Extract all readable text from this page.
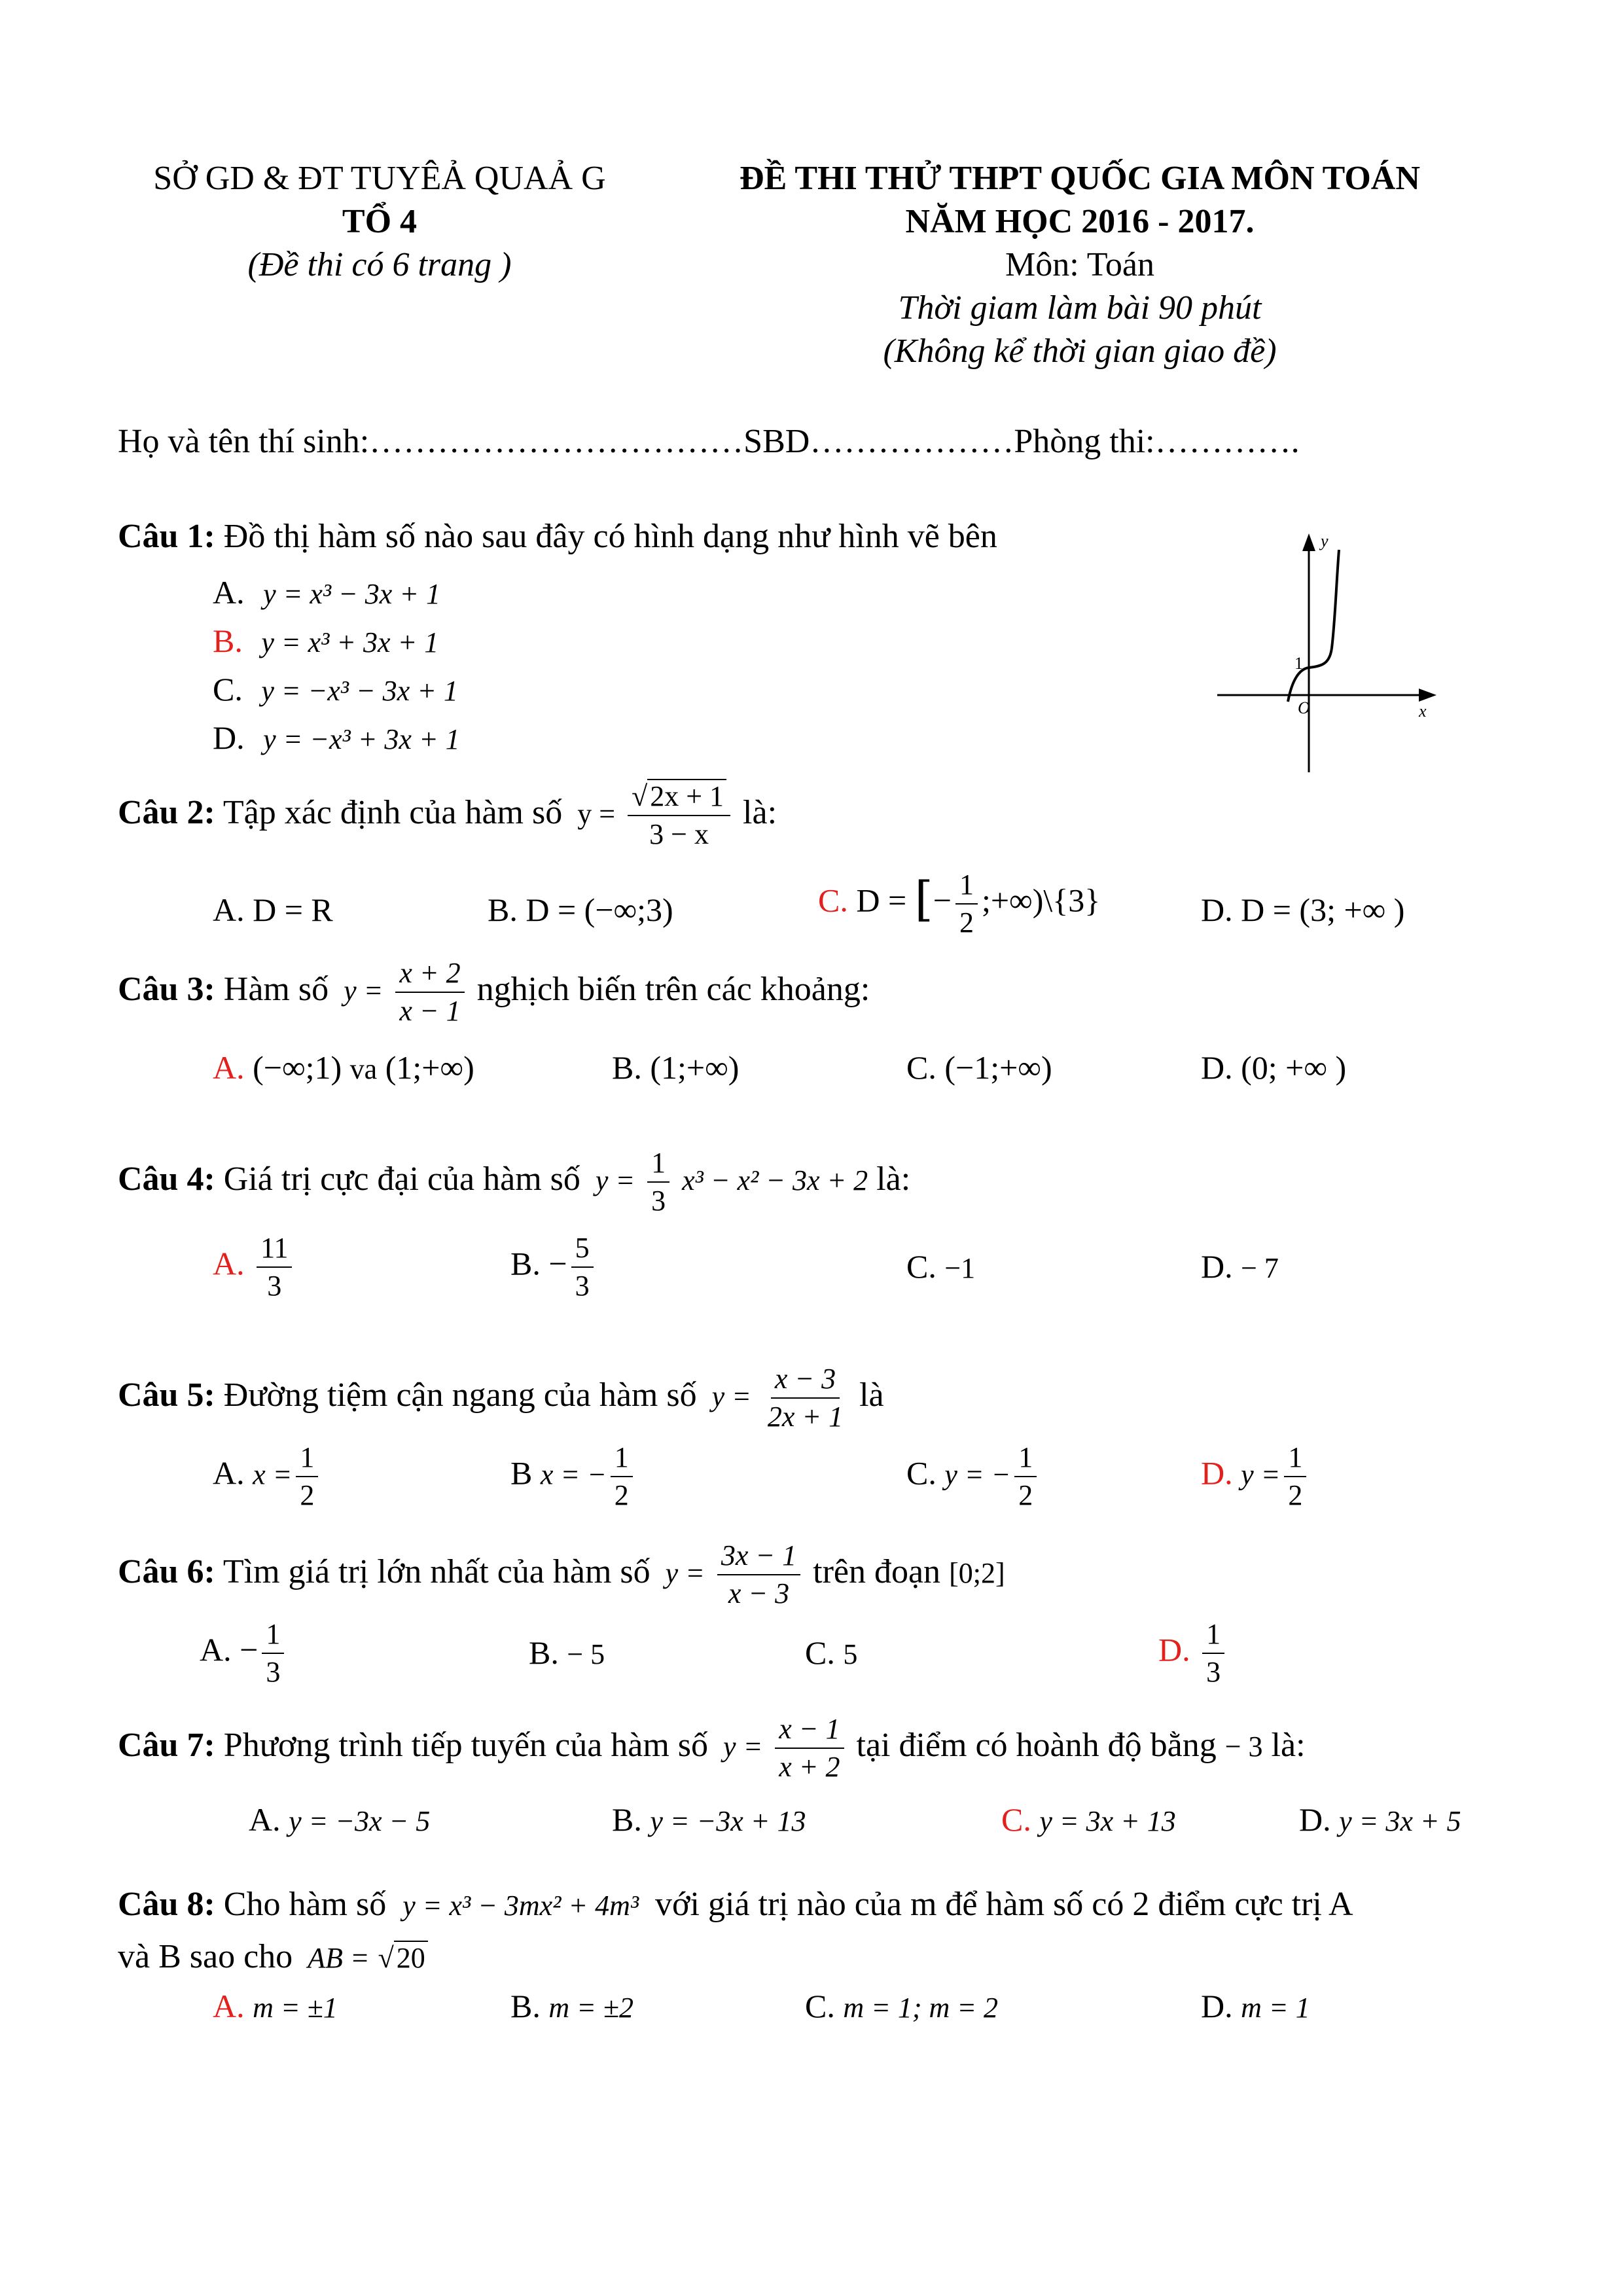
SỞ GD & ĐT TUYÊẢ QUAẢ G
TỔ 4
(Đề thi có 6 trang )
ĐỀ THI THỬ THPT QUỐC GIA MÔN TOÁN
NĂM HỌC 2016 - 2017.
Môn: Toán
Thời giam làm bài 90 phút
(Không kể thời gian giao đề)
Họ và tên thí sinh:……………………………SBD………………Phòng thi:………….
Câu 1: Đồ thị hàm số nào sau đây có hình dạng như hình vẽ bên
A. y = x³ − 3x + 1
B. y = x³ + 3x + 1
C. y = −x³ − 3x + 1
D. y = −x³ + 3x + 1
y
x
O
1
Câu 2: Tập xác định của hàm số $y = \frac{√2x + 1}{3 - x}$ là:
A. D = R	B. D = (−∞;3)	C. D = [− $\frac{1}{2}$ ;+∞)\{3}	D. D = (3; +∞ )
Câu 3: Hàm số $y = \frac{x + 2}{x - 1}$ nghịch biến trên các khoảng:
A. (−∞;1) va (1;+∞)	B. (1;+∞)	C. (−1;+∞)	D. (0; +∞ )
Câu 4: Giá trị cực đại của hàm số $y = \frac{1}{3} x^3 - x^2 - 3x + 2$ là:
A. $\frac{11}{3}$	B. − $\frac{5}{3}$	C. −1	D. − 7
Câu 5: Đường tiệm cận ngang của hàm số $y = \frac{x - 3}{2x + 1}$ là
A. $x = \frac{1}{2}$	B x = − $\frac{1}{2}$	C. y = − $\frac{1}{2}$	D. $y = \frac{1}{2}$
Câu 6: Tìm giá trị lớn nhất của hàm số $y = \frac{3x - 1}{x - 3}$ trên đoạn [0;2]
A. − $\frac{1}{3}$	B. − 5	C. 5	D. $\frac{1}{3}$
Câu 7: Phương trình tiếp tuyến của hàm số $y = \frac{x - 1}{x + 2}$ tại điểm có hoành độ bằng − 3 là:
A. y = −3x − 5	B. y = −3x + 13	C. y = 3x + 13	D. y = 3x + 5
Câu 8: Cho hàm số y = x³ − 3mx² + 4m³ với giá trị nào của m để hàm số có 2 điểm cực trị A
và B sao cho AB = √20
A. m = ±1	B. m = ±2	C. m = 1; m = 2	D. m = 1
